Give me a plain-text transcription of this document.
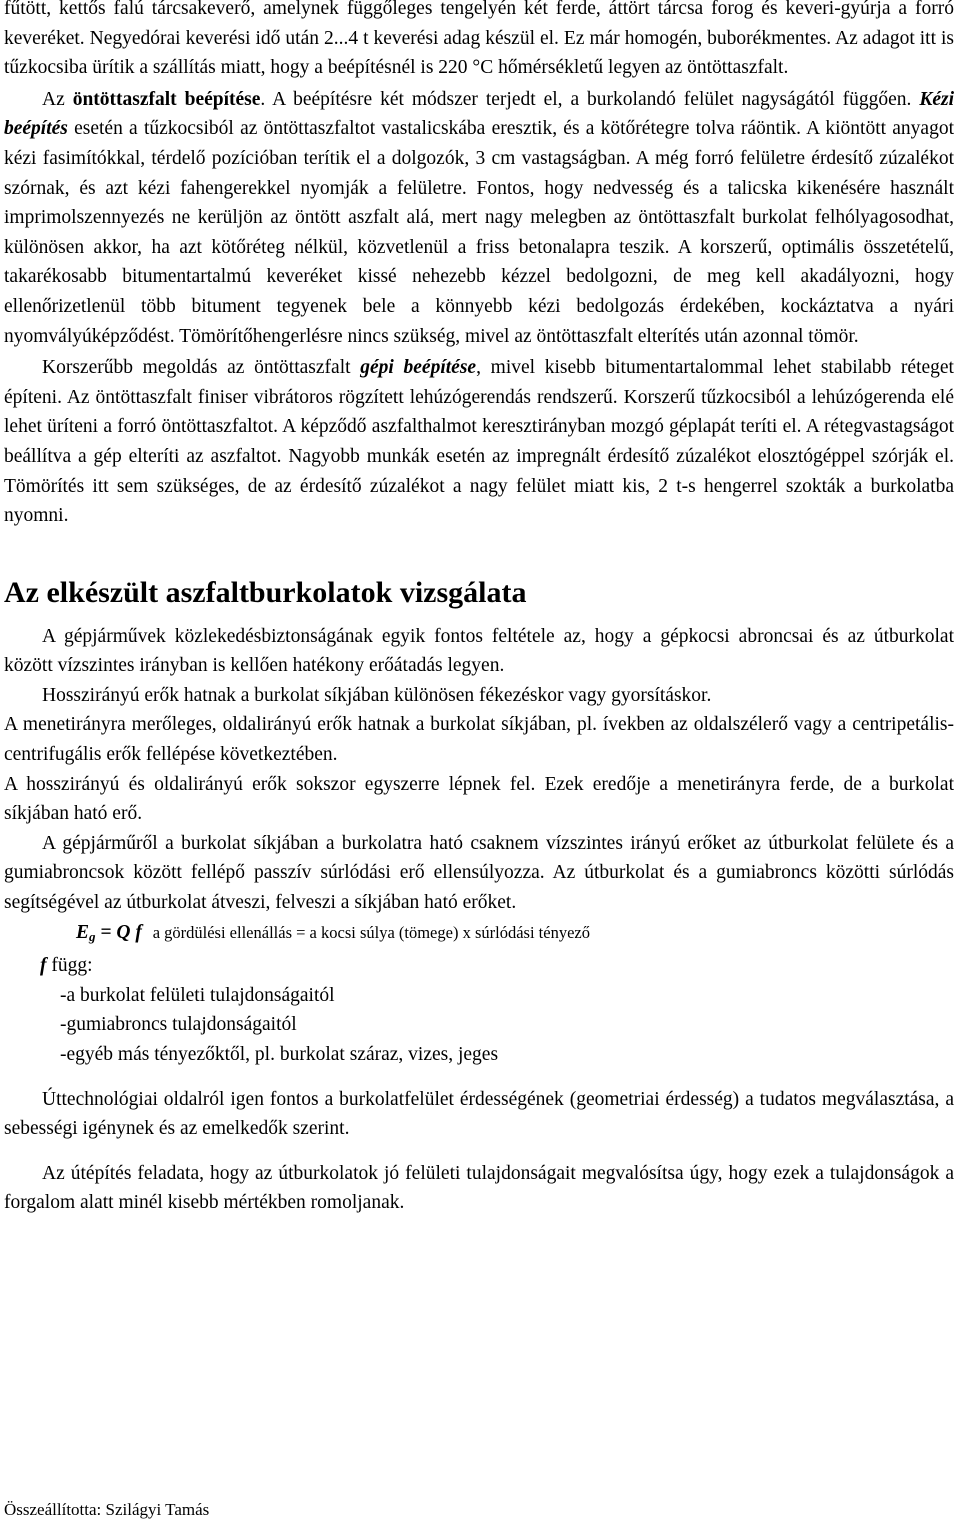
fűtött, kettős falú tárcsakeverő, amelynek függőleges tengelyén két ferde, áttört tárcsa forog és keveri-gyúrja a forró keveréket. Negyedórai keverési idő után 2...4 t keverési adag készül el. Ez már homogén, buborékmentes. Az adagot itt is tűzkocsiba ürítik a szállítás miatt, hogy a beépítésnél is 220 °C hőmérsékletű legyen az öntöttaszfalt.

Az öntöttaszfalt beépítése. A beépítésre két módszer terjedt el, a burkolandó felület nagyságától függően. Kézi beépítés esetén a tűzkocsiból az öntöttaszfaltot vastalicskába eresztik, és a kötőrétegre tolva ráöntik. A kiöntött anyagot kézi fasimítókkal, térdelő pozícióban terítik el a dolgozók, 3 cm vastagságban. A még forró felületre érdesítő zúzalékot szórnak, és azt kézi fahengerekkel nyomják a felületre. Fontos, hogy nedvesség és a talicska kikenésére használt imprimolszennyezés ne kerüljön az öntött aszfalt alá, mert nagy melegben az öntöttaszfalt burkolat felhólyagosodhat, különösen akkor, ha azt kötőréteg nélkül, közvetlenül a friss betonalapra teszik. A korszerű, optimális összetételű, takarékosabb bitumentartalmú keveréket kissé nehezebb kézzel bedolgozni, de meg kell akadályozni, hogy ellenőrizetlenül több bitument tegyenek bele a könnyebb kézi bedolgozás érdekében, kockáztatva a nyári nyomvályúképződést. Tömörítőhengerlésre nincs szükség, mivel az öntöttaszfalt elterítés után azonnal tömör.

Korszerűbb megoldás az öntöttaszfalt gépi beépítése, mivel kisebb bitumentartalommal lehet stabilabb réteget építeni. Az öntöttaszfalt finiser vibrátoros rögzített lehúzógerendás rendszerű. Korszerű tűzkocsiból a lehúzógerenda elé lehet üríteni a forró öntöttaszfaltot. A képződő aszfalthalmot keresztirányban mozgó géplapát teríti el. A rétegvastagságot beállítva a gép elteríti az aszfaltot. Nagyobb munkák esetén az impregnált érdesítő zúzalékot elosztógéppel szórják el. Tömörítés itt sem szükséges, de az érdesítő zúzalékot a nagy felület miatt kis, 2 t-s hengerrel szokták a burkolatba nyomni.

Az elkészült aszfaltburkolatok vizsgálata

A gépjárművek közlekedésbiztonságának egyik fontos feltétele az, hogy a gépkocsi abroncsai és az útburkolat között vízszintes irányban is kellően hatékony erőátadás legyen.

Hosszirányú erők hatnak a burkolat síkjában különösen fékezéskor vagy gyorsításkor.

A menetirányra merőleges, oldalirányú erők hatnak a burkolat síkjában, pl. ívekben az oldalszélerő vagy a centripetális-centrifugális erők fellépése következtében.

A hosszirányú és oldalirányú erők sokszor egyszerre lépnek fel. Ezek eredője a menetirányra ferde, de a burkolat síkjában ható erő.

A gépjárműről a burkolat síkjában a burkolatra ható csaknem vízszintes irányú erőket az útburkolat felülete és a gumiabroncsok között fellépő passzív súrlódási erő ellensúlyozza. Az útburkolat és a gumiabroncs közötti súrlódás segítségével az útburkolat átveszi, felveszi a síkjában ható erőket.

$E_g = Q$ f a gördülési ellenállás = a kocsi súlya (tömege) x súrlódási tényező
f függ:
-a burkolat felületi tulajdonságaitól
-gumiabroncs tulajdonságaitól
-egyéb más tényezőktől, pl. burkolat száraz, vizes, jeges

Úttechnológiai oldalról igen fontos a burkolatfelület érdességének (geometriai érdesség) a tudatos megválasztása, a sebességi igénynek és az emelkedők szerint.

Az útépítés feladata, hogy az útburkolatok jó felületi tulajdonságait megvalósítsa úgy, hogy ezek a tulajdonságok a forgalom alatt minél kisebb mértékben romoljanak.

Összeállította: Szilágyi Tamás
